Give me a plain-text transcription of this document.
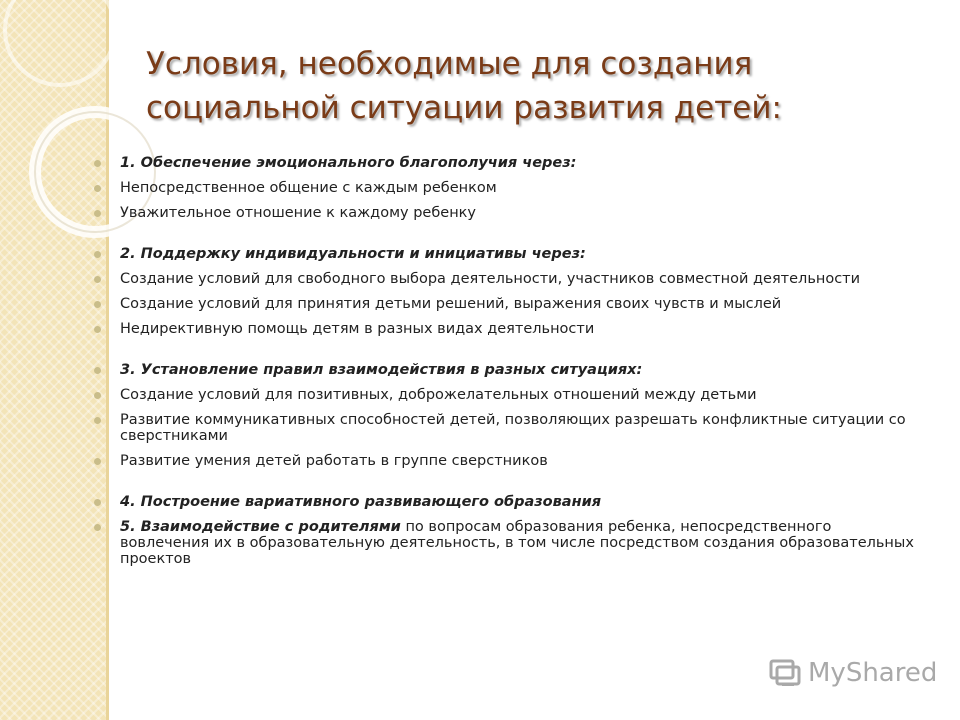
Условия, необходимые для создания социальной ситуации развития детей:
1. Обеспечение эмоционального благополучия через:
Непосредственное общение с каждым ребенком
Уважительное отношение к каждому ребенку
2. Поддержку индивидуальности и инициативы через:
Создание условий для свободного выбора деятельности, участников совместной деятельности
Создание условий для принятия детьми решений, выражения своих чувств и мыслей
Недирективную помощь детям в разных видах деятельности
3. Установление правил взаимодействия в разных ситуациях:
Создание условий для позитивных, доброжелательных отношений между детьми
Развитие коммуникативных способностей детей, позволяющих разрешать конфликтные ситуации со сверстниками
Развитие умения детей работать в группе сверстников
4. Построение вариативного развивающего образования
5. Взаимодействие с родителями по вопросам образования ребенка, непосредственного вовлечения их в образовательную деятельность, в том числе посредством создания образовательных проектов
MyShared
